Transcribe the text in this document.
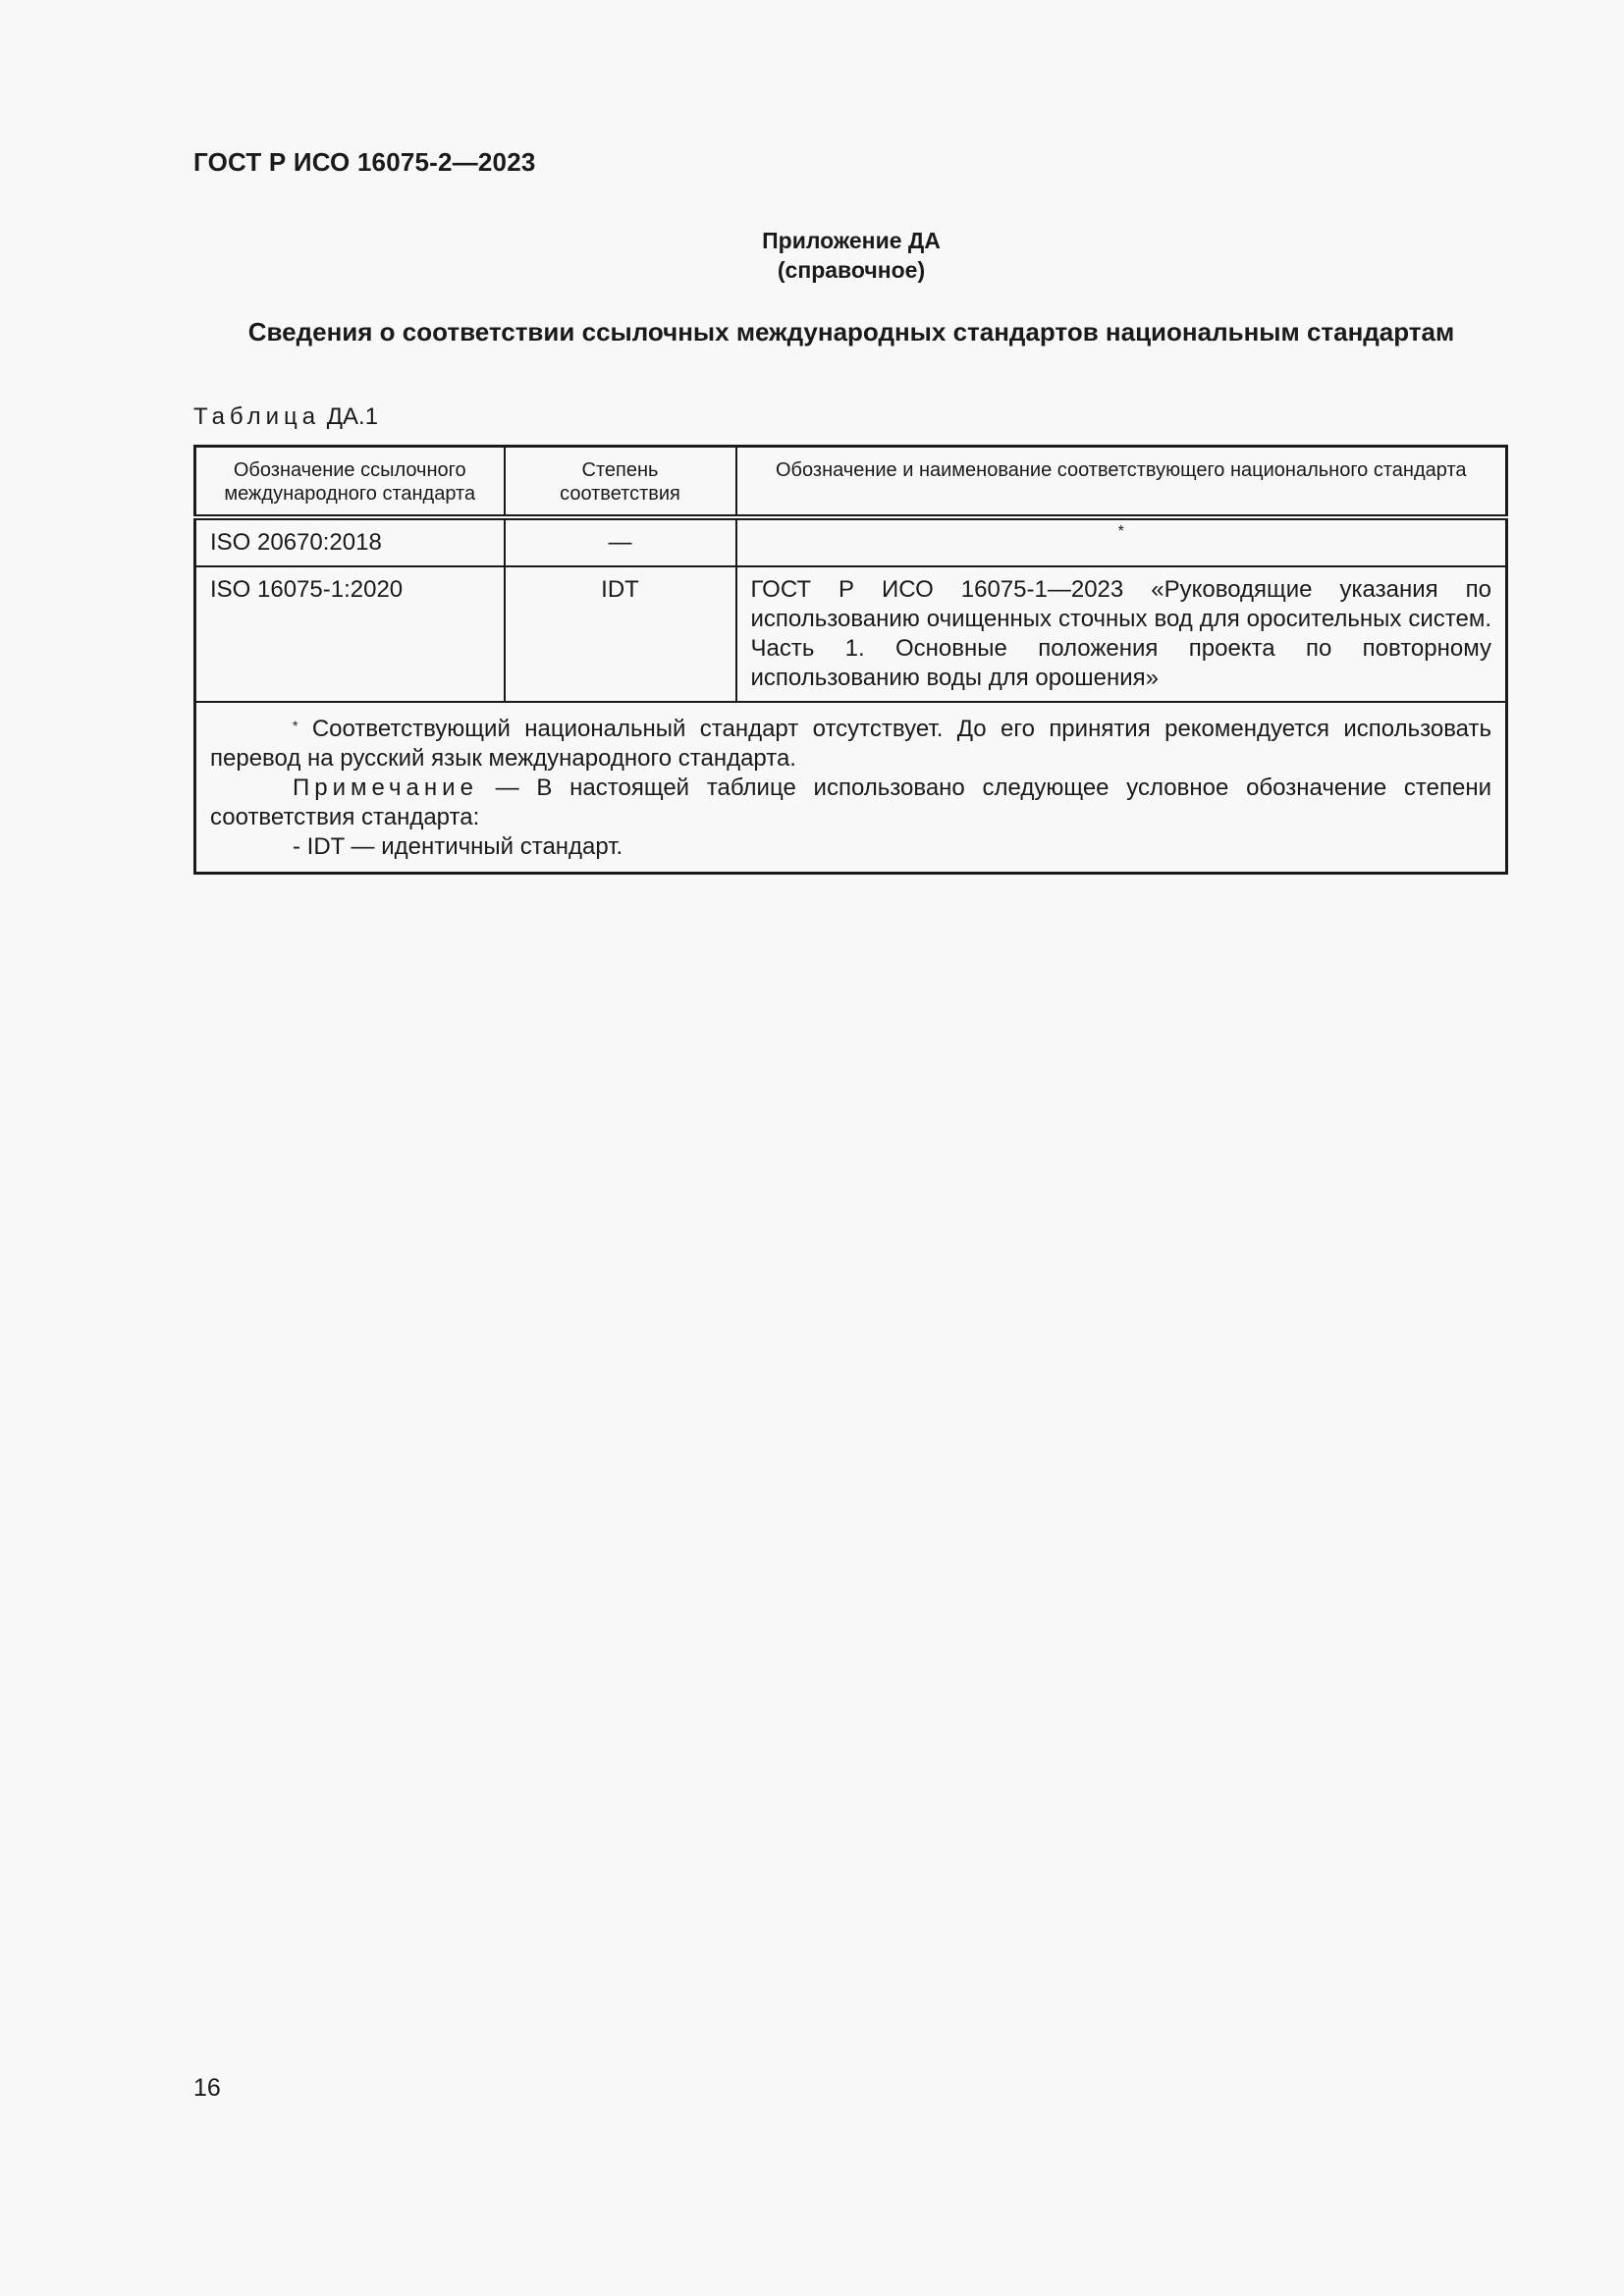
ГОСТ Р ИСО 16075-2—2023
Приложение ДА
(справочное)
Сведения о соответствии ссылочных международных стандартов национальным стандартам
Таблица ДА.1
Обозначение ссылочного международного стандарта	Степень соответствия	Обозначение и наименование соответствующего национального стандарта
ISO 20670:2018	—	*
ISO 16075-1:2020	IDT	ГОСТ Р ИСО 16075-1—2023 «Руководящие указания по использованию очищенных сточных вод для оросительных систем. Часть 1. Основные положения проекта по повторному использованию воды для орошения»

* Соответствующий национальный стандарт отсутствует. До его принятия рекомендуется использовать перевод на русский язык международного стандарта.

Примечание — В настоящей таблице использовано следующее условное обозначение степени соответствия стандарта:

- IDT — идентичный стандарт.		

16
